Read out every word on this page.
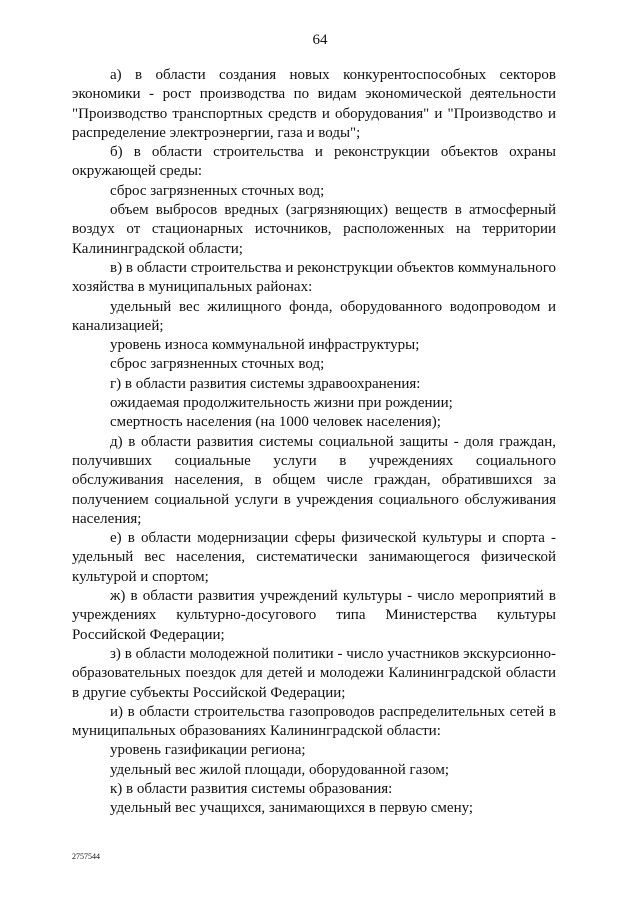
64

а) в области создания новых конкурентоспособных секторов экономики - рост производства по видам экономической деятельности "Производство транспортных средств и оборудования" и "Производство и распределение электроэнергии, газа и воды";

б) в области строительства и реконструкции объектов охраны окружающей среды:

сброс загрязненных сточных вод;

объем выбросов вредных (загрязняющих) веществ в атмосферный воздух от стационарных источников, расположенных на территории Калининградской области;

в) в области строительства и реконструкции объектов коммунального хозяйства в муниципальных районах:

удельный вес жилищного фонда, оборудованного водопроводом и канализацией;

уровень износа коммунальной инфраструктуры;

сброс загрязненных сточных вод;

г) в области развития системы здравоохранения:

ожидаемая продолжительность жизни при рождении;

смертность населения (на 1000 человек населения);

д) в области развития системы социальной защиты - доля граждан, получивших социальные услуги в учреждениях социального обслуживания населения, в общем числе граждан, обратившихся за получением социальной услуги в учреждения социального обслуживания населения;

е) в области модернизации сферы физической культуры и спорта - удельный вес населения, систематически занимающегося физической культурой и спортом;

ж) в области развития учреждений культуры - число мероприятий в учреждениях культурно-досугового типа Министерства культуры Российской Федерации;

з) в области молодежной политики - число участников экскурсионно-образовательных поездок для детей и молодежи Калининградской области в другие субъекты Российской Федерации;

и) в области строительства газопроводов распределительных сетей в муниципальных образованиях Калининградской области:

уровень газификации региона;

удельный вес жилой площади, оборудованной газом;

к) в области развития системы образования:

удельный вес учащихся, занимающихся в первую смену;

2757544
